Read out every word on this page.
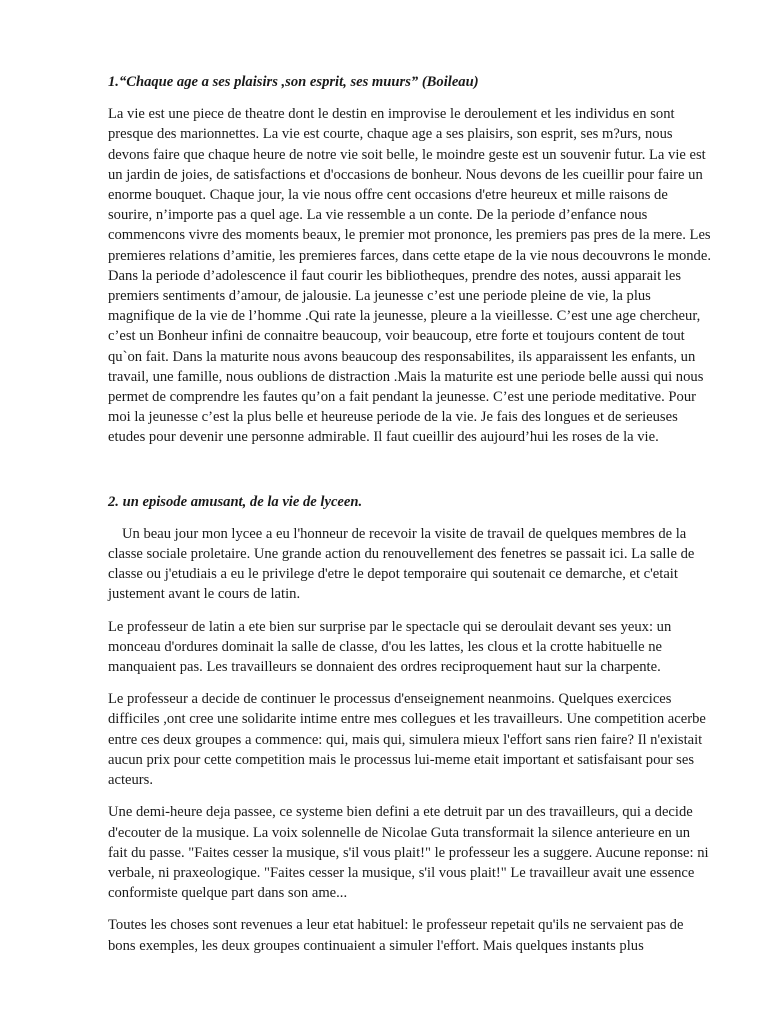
1.“Chaque age a ses plaisirs ,son esprit, ses muurs” (Boileau)

La vie est une piece de theatre dont le destin en improvise le deroulement et les individus en sont presque des marionnettes. La vie est courte, chaque age a ses plaisirs, son esprit, ses m?urs, nous devons faire que chaque heure de notre vie soit belle, le moindre geste est un souvenir futur. La vie est un jardin de joies, de satisfactions et d'occasions de bonheur. Nous devons de les cueillir pour faire un enorme bouquet. Chaque jour, la vie nous offre cent occasions d'etre heureux et mille raisons de sourire, n’importe pas a quel age. La vie ressemble a un conte. De la periode d’enfance nous commencons vivre des moments beaux, le premier mot prononce, les premiers pas pres de la mere. Les premieres relations d’amitie, les premieres farces, dans cette etape de la vie nous decouvrons le monde. Dans la periode d’adolescence il faut courir les bibliotheques, prendre des notes, aussi apparait les premiers sentiments d’amour, de jalousie. La jeunesse c’est une periode pleine de vie, la plus magnifique de la vie de l’homme .Qui rate la jeunesse, pleure a la vieillesse. C’est une age chercheur, c’est un Bonheur infini de connaitre beaucoup, voir beaucoup, etre forte et toujours content de tout qu`on fait. Dans la maturite nous avons beaucoup des responsabilites, ils apparaissent les enfants, un travail, une famille, nous oublions de distraction .Mais la maturite est une periode belle aussi qui nous permet de comprendre les fautes qu’on a fait pendant la jeunesse. C’est une periode meditative. Pour moi la jeunesse c’est la plus belle et heureuse periode de la vie. Je fais des longues et de serieuses etudes pour devenir une personne admirable. Il faut cueillir des aujourd’hui les roses de la vie.

2. un episode amusant, de la vie de lyceen.

Un beau jour mon lycee a eu l'honneur de recevoir la visite de travail de quelques membres de la classe sociale proletaire. Une grande action du renouvellement des fenetres se passait ici. La salle de classe ou j'etudiais a eu le privilege d'etre le depot temporaire qui soutenait ce demarche, et c'etait justement avant le cours de latin.

Le professeur de latin a ete bien sur surprise par le spectacle qui se deroulait devant ses yeux: un monceau d'ordures dominait la salle de classe, d'ou les lattes, les clous et la crotte habituelle ne manquaient pas. Les travailleurs se donnaient des ordres reciproquement haut sur la charpente.

Le professeur a decide de continuer le processus d'enseignement neanmoins. Quelques exercices difficiles ,ont cree une solidarite intime entre mes collegues et les travailleurs. Une competition acerbe entre ces deux groupes a commence: qui, mais qui, simulera mieux l'effort sans rien faire? Il n'existait aucun prix pour cette competition mais le processus lui-meme etait important et satisfaisant pour ses acteurs.

Une demi-heure deja passee, ce systeme bien defini a ete detruit par un des travailleurs, qui a decide d'ecouter de la musique. La voix solennelle de Nicolae Guta transformait la silence anterieure en un fait du passe. "Faites cesser la musique, s'il vous plait!" le professeur les a suggere. Aucune reponse: ni verbale, ni praxeologique. "Faites cesser la musique, s'il vous plait!" Le travailleur avait une essence conformiste quelque part dans son ame...

Toutes les choses sont revenues a leur etat habituel: le professeur repetait qu'ils ne servaient pas de bons exemples, les deux groupes continuaient a simuler l'effort. Mais quelques instants plus
